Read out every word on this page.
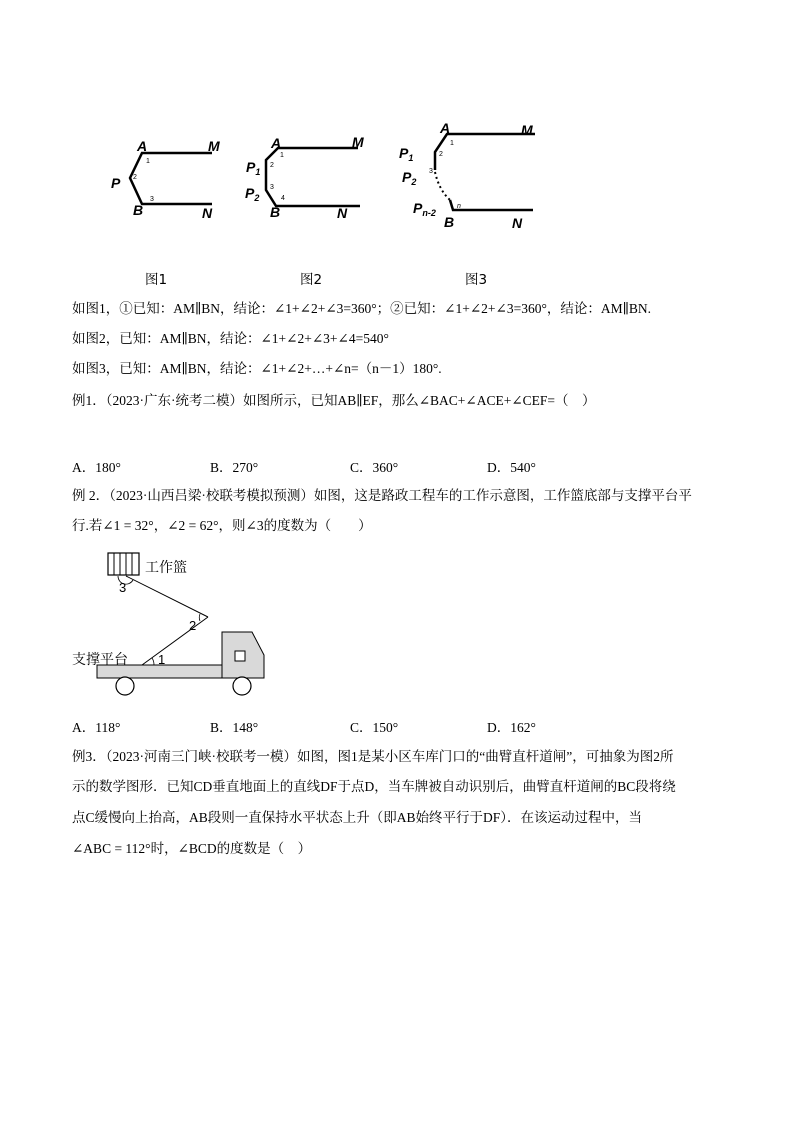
A	M
P
B	N
1
2
3
A	M
$P_1$
$P_2$
B	N
1
2
3
4
A	M
$P_1$
$P_2$
$P_{n-2}$
B	N
1
2
3
n
图1	图2	图3
如图1，①已知：AM∥BN，结论：∠1+∠2+∠3=360°；②已知：∠1+∠2+∠3=360°，结论：AM∥BN.
如图2，已知：AM∥BN，结论：∠1+∠2+∠3+∠4=540°
如图3，已知：AM∥BN，结论：∠1+∠2+…+∠n=（n－1）180°.
例1．（2023·广东·统考二模）如图所示，已知AB∥EF，那么∠BAC+∠ACE+∠CEF=（　）
A．180°	B．270°	C．360°	D．540°
例 2．（2023·山西吕梁·校联考模拟预测）如图，这是路政工程车的工作示意图，工作篮底部与支撑平台平
行.若∠1 = 32°，∠2 = 62°，则∠3的度数为（　　）
工作篮
支撑平台 1
2
3
A．118°	B．148°	C．150°	D．162°
例3．（2023·河南三门峡·校联考一模）如图，图1是某小区车库门口的“曲臂直杆道闸”，可抽象为图2所
示的数学图形．已知CD垂直地面上的直线DF于点D，当车牌被自动识别后，曲臂直杆道闸的BC段将绕
点C缓慢向上抬高，AB段则一直保持水平状态上升（即AB始终平行于DF）．在该运动过程中，当
∠ABC = 112°时，∠BCD的度数是（　）
